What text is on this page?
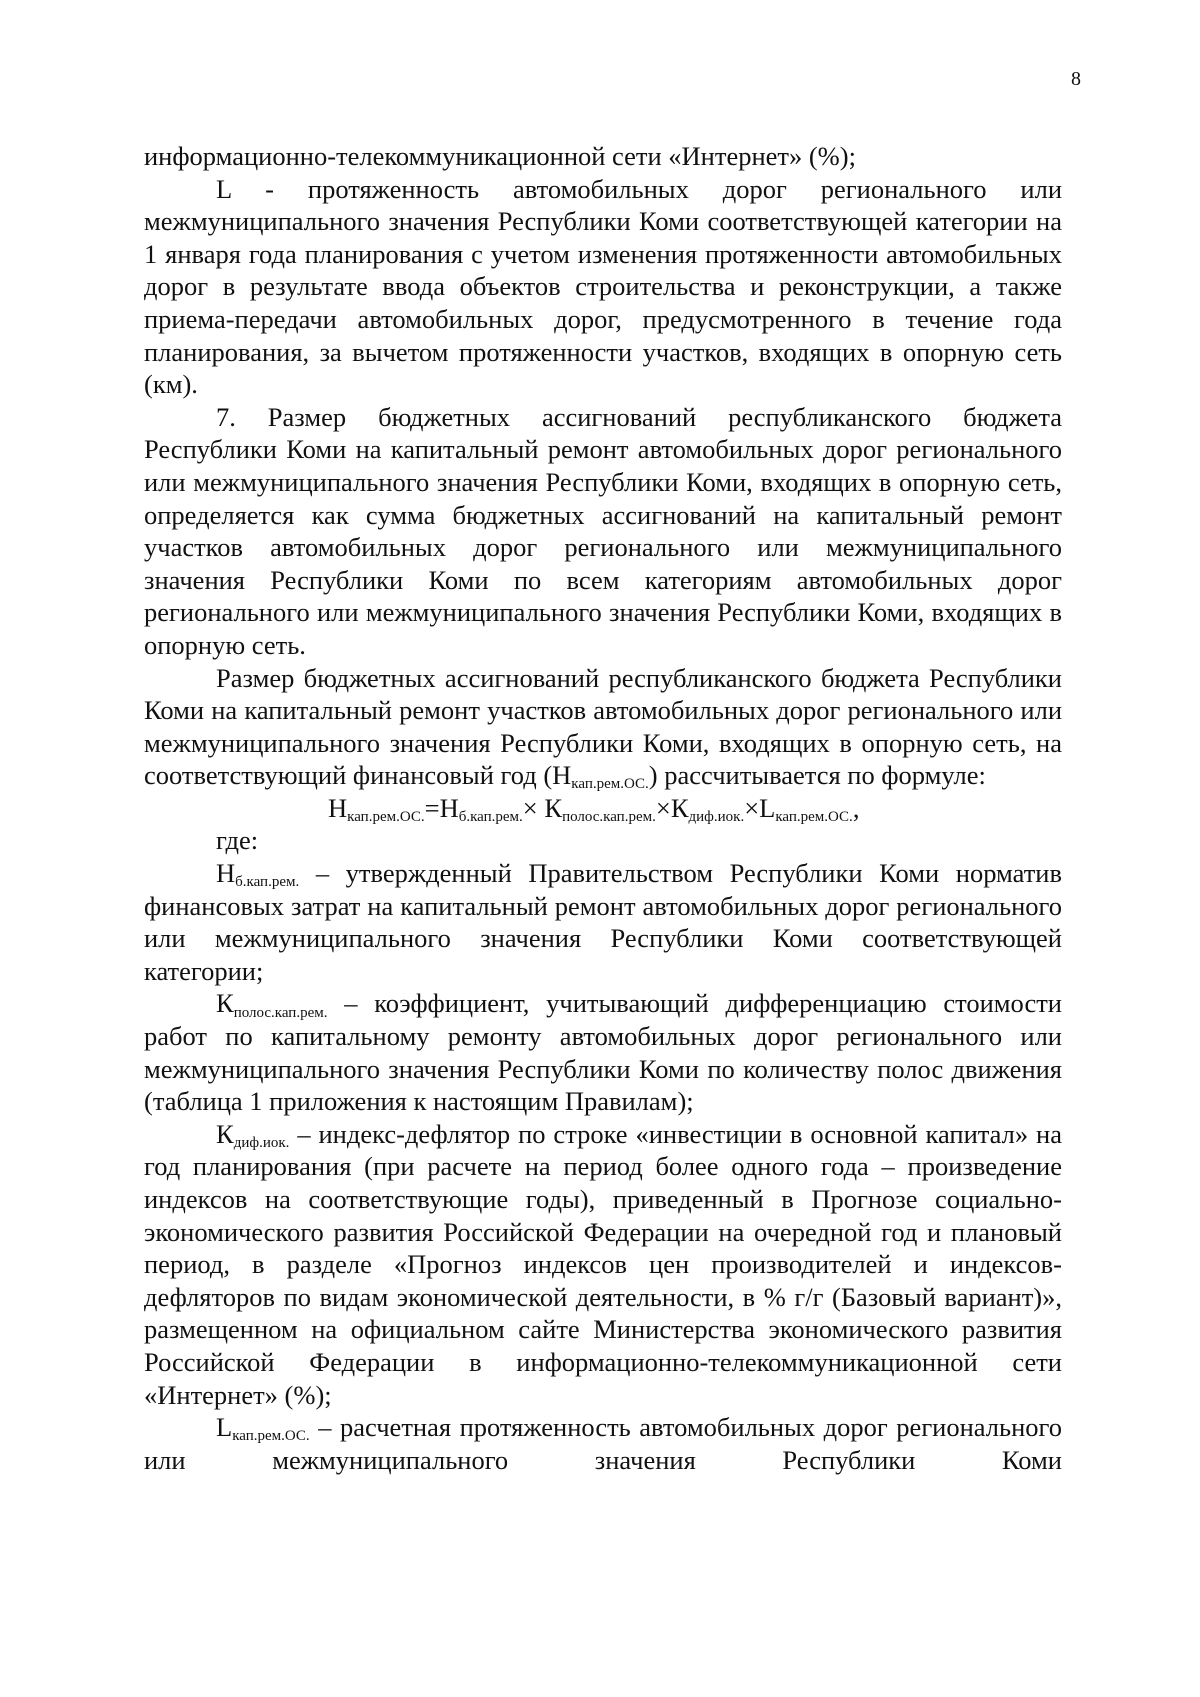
8

информационно-телекоммуникационной сети «Интернет» (%);

L - протяженность автомобильных дорог регионального или межмуниципального значения Республики Коми соответствующей категории на 1 января года планирования с учетом изменения протяженности автомобильных дорог в результате ввода объектов строительства и реконструкции, а также приема-передачи автомобильных дорог, предусмотренного в течение года планирования, за вычетом протяженности участков, входящих в опорную сеть (км).

7. Размер бюджетных ассигнований республиканского бюджета Республики Коми на капитальный ремонт автомобильных дорог регионального или межмуниципального значения Республики Коми, входящих в опорную сеть, определяется как сумма бюджетных ассигнований на капитальный ремонт участков автомобильных дорог регионального или межмуниципального значения Республики Коми по всем категориям автомобильных дорог регионального или межмуниципального значения Республики Коми, входящих в опорную сеть.

Размер бюджетных ассигнований республиканского бюджета Республики Коми на капитальный ремонт участков автомобильных дорог регионального или межмуниципального значения Республики Коми, входящих в опорную сеть, на соответствующий финансовый год $(Н_{кап.рем.ОС.})$ рассчитывается по формуле:

$Н_{кап.рем.ОС.}=Н_{б.кап.рем.}\times К_{полос.кап.рем.}\times К_{диф.иок.}\times L_{кап.рем.ОС.}$,

где:

$Н_{б.кап.рем.}$ – утвержденный Правительством Республики Коми норматив финансовых затрат на капитальный ремонт автомобильных дорог регионального или межмуниципального значения Республики Коми соответствующей категории;

$К_{полос.кап.рем.}$ – коэффициент, учитывающий дифференциацию стоимости работ по капитальному ремонту автомобильных дорог регионального или межмуниципального значения Республики Коми по количеству полос движения (таблица 1 приложения к настоящим Правилам);

$К_{диф.иок.}$ – индекс-дефлятор по строке «инвестиции в основной капитал» на год планирования (при расчете на период более одного года – произведение индексов на соответствующие годы), приведенный в Прогнозе социально-экономического развития Российской Федерации на очередной год и плановый период, в разделе «Прогноз индексов цен производителей и индексов-дефляторов по видам экономической деятельности, в % г/г (Базовый вариант)», размещенном на официальном сайте Министерства экономического развития Российской Федерации в информационно-телекоммуникационной сети «Интернет» (%);

$L_{кап.рем.ОС.}$ – расчетная протяженность автомобильных дорог регионального или межмуниципального значения Республики Коми
